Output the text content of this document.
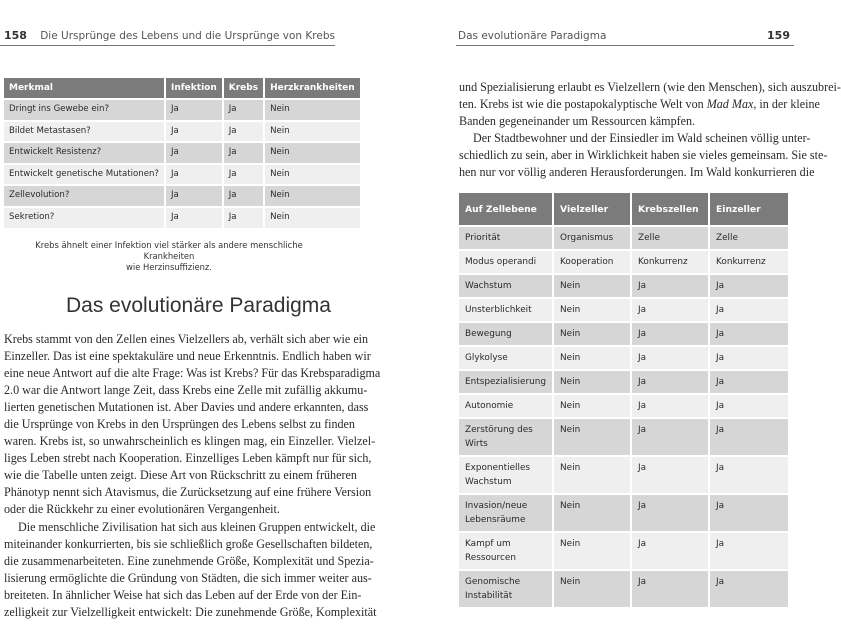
158 Die Ursprünge des Lebens und die Ursprünge von Krebs
Merkmal	Infektion	Krebs	Herzkrankheiten
Dringt ins Gewebe ein?	Ja	Ja	Nein
Bildet Metastasen?	Ja	Ja	Nein
Entwickelt Resistenz?	Ja	Ja	Nein
Entwickelt genetische Mutationen?	Ja	Ja	Nein
Zellevolution?	Ja	Ja	Nein
Sekretion?	Ja	Ja	Nein
Krebs ähnelt einer Infektion viel stärker als andere menschliche Krankheiten
wie Herzinsuffizienz.
Das evolutionäre Paradigma
Krebs stammt von den Zellen eines Vielzellers ab, verhält sich aber wie ein
Einzeller. Das ist eine spektakuläre und neue Erkenntnis. Endlich haben wir
eine neue Antwort auf die alte Frage: Was ist Krebs? Für das Krebsparadigma
2.0 war die Antwort lange Zeit, dass Krebs eine Zelle mit zufällig akkumu-
lierten genetischen Mutationen ist. Aber Davies und andere erkannten, dass
die Ursprünge von Krebs in den Ursprüngen des Lebens selbst zu finden
waren. Krebs ist, so unwahrscheinlich es klingen mag, ein Einzeller. Vielzel-
liges Leben strebt nach Kooperation. Einzelliges Leben kämpft nur für sich,
wie die Tabelle unten zeigt. Diese Art von Rückschritt zu einem früheren
Phänotyp nennt sich Atavismus, die Zurücksetzung auf eine frühere Version
oder die Rückkehr zu einer evolutionären Vergangenheit.
Die menschliche Zivilisation hat sich aus kleinen Gruppen entwickelt, die
miteinander konkurrierten, bis sie schließlich große Gesellschaften bildeten,
die zusammenarbeiteten. Eine zunehmende Größe, Komplexität und Spezia-
lisierung ermöglichte die Gründung von Städten, die sich immer weiter aus-
breiteten. In ähnlicher Weise hat sich das Leben auf der Erde von der Ein-
zelligkeit zur Vielzelligkeit entwickelt: Die zunehmende Größe, Komplexität
Das evolutionäre Paradigma	159
und Spezialisierung erlaubt es Vielzellern (wie den Menschen), sich auszubrei-
ten. Krebs ist wie die postapokalyptische Welt von Mad Max, in der kleine
Banden gegeneinander um Ressourcen kämpfen.
Der Stadtbewohner und der Einsiedler im Wald scheinen völlig unter-
schiedlich zu sein, aber in Wirklichkeit haben sie vieles gemeinsam. Sie ste-
hen nur vor völlig anderen Herausforderungen. Im Wald konkurrieren die
Auf Zellebene	Vielzeller	Krebszellen	Einzeller
Priorität	Organismus	Zelle	Zelle
Modus operandi	Kooperation	Konkurrenz	Konkurrenz
Wachstum	Nein	Ja	Ja
Unsterblichkeit	Nein	Ja	Ja
Bewegung	Nein	Ja	Ja
Glykolyse	Nein	Ja	Ja
Entspezialisierung	Nein	Ja	Ja
Autonomie	Nein	Ja	Ja
Zerstörung des Wirts	Nein	Ja	Ja
Exponentielles Wachstum	Nein	Ja	Ja
Invasion/neue Lebensräume	Nein	Ja	Ja
Kampf um Ressourcen	Nein	Ja	Ja
Genomische Instabilität	Nein	Ja	Ja
